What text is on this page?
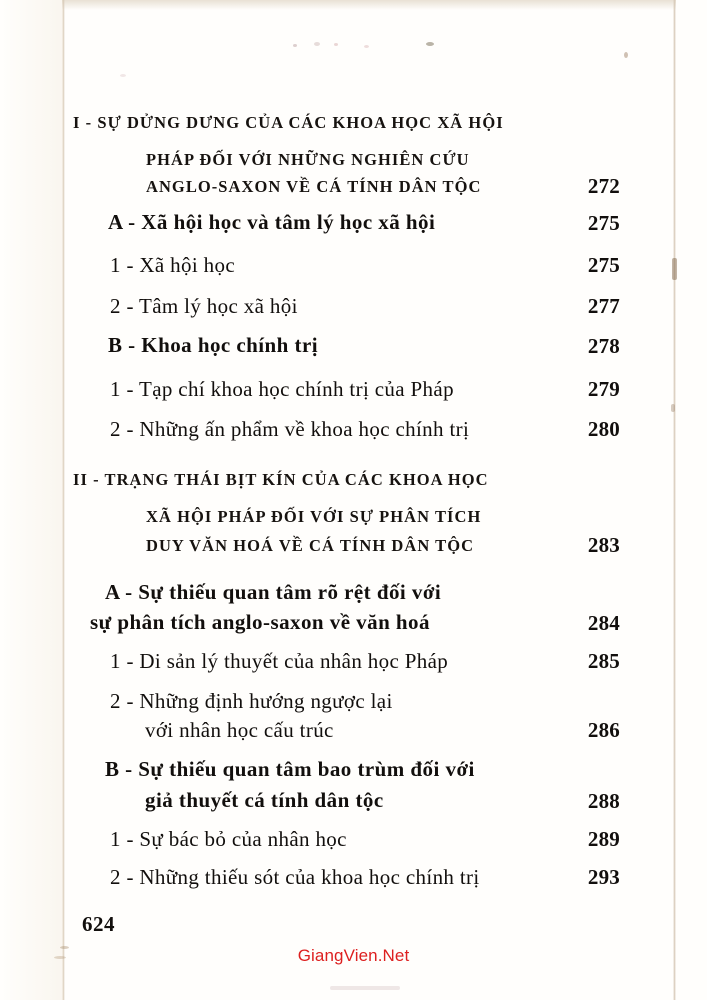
I - SỰ DỬNG DƯNG CỦA CÁC KHOA HỌC XÃ HỘI
PHÁP ĐỐI VỚI NHỮNG NGHIÊN CỨU
ANGLO-SAXON VỀ CÁ TÍNH DÂN TỘC	272
A - Xã hội học và tâm lý học xã hội	275
1 - Xã hội học	275
2 - Tâm lý học xã hội	277
B - Khoa học chính trị	278
1 - Tạp chí khoa học chính trị của Pháp	279
2 - Những ấn phẩm về khoa học chính trị	280
II - TRẠNG THÁI BỊT KÍN CỦA CÁC KHOA HỌC
XÃ HỘI PHÁP ĐỐI VỚI SỰ PHÂN TÍCH
DUY VĂN HOÁ VỀ CÁ TÍNH DÂN TỘC	283
A - Sự thiếu quan tâm rõ rệt đối với
sự phân tích anglo-saxon về văn hoá	284
1 - Di sản lý thuyết của nhân học Pháp	285
2 - Những định hướng ngược lại
với nhân học cấu trúc	286
B - Sự thiếu quan tâm bao trùm đối với
giả thuyết cá tính dân tộc	288
1 - Sự bác bỏ của nhân học	289
2 - Những thiếu sót của khoa học chính trị	293
624
GiangVien.Net
